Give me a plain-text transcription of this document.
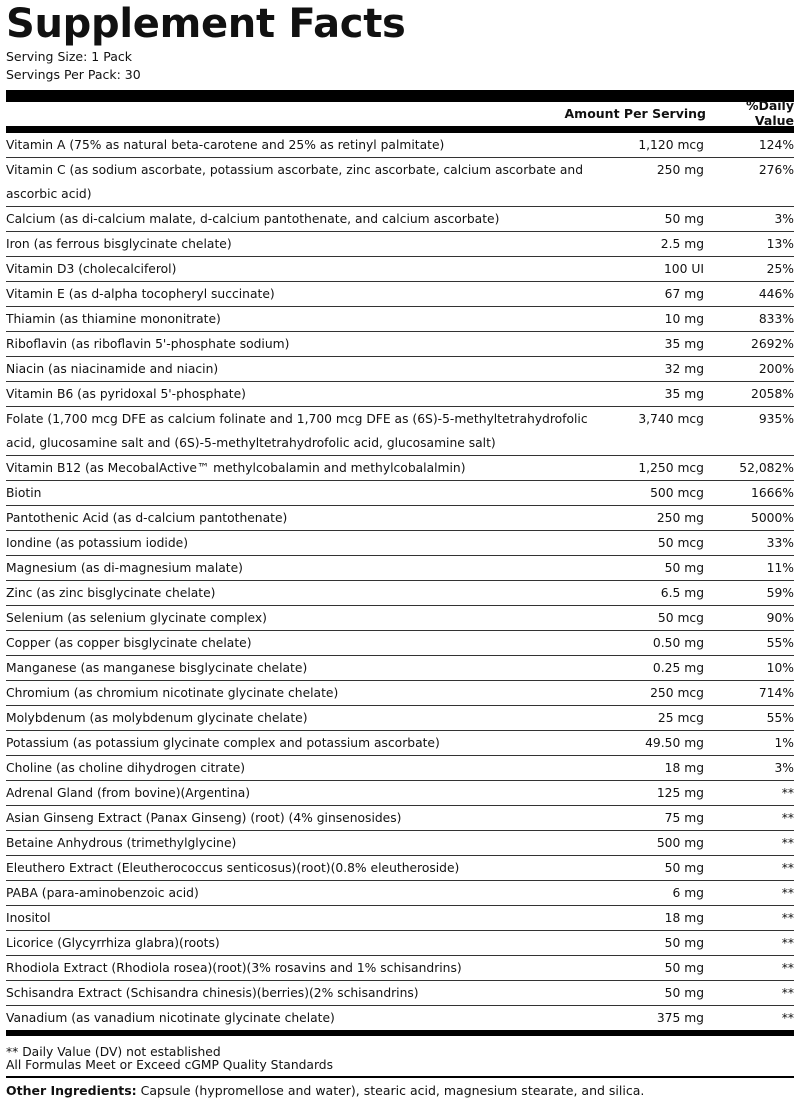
Supplement Facts
Serving Size: 1 Pack
Servings Per Pack: 30
Amount Per Serving	%Daily Value
Vitamin A (75% as natural beta-carotene and 25% as retinyl palmitate)	1,120 mcg	124%
Vitamin C (as sodium ascorbate, potassium ascorbate, zinc ascorbate, calcium ascorbate and ascorbic acid)
250 mg	276%
Calcium (as di-calcium malate, d-calcium pantothenate, and calcium ascorbate)	50 mg	3%
Iron (as ferrous bisglycinate chelate)	2.5 mg	13%
Vitamin D3 (cholecalciferol)	100 UI	25%
Vitamin E (as d-alpha tocopheryl succinate)	67 mg	446%
Thiamin (as thiamine mononitrate)	10 mg	833%
Riboflavin (as riboflavin 5'-phosphate sodium)	35 mg	2692%
Niacin (as niacinamide and niacin)	32 mg	200%
Vitamin B6 (as pyridoxal 5'-phosphate)	35 mg	2058%
Folate (1,700 mcg DFE as calcium folinate and 1,700 mcg DFE as (6S)-5-methyltetrahydrofolic acid, glucosamine salt and (6S)-5-methyltetrahydrofolic acid, glucosamine salt)
3,740 mcg	935%
Vitamin B12 (as MecobalActive™ methylcobalamin and methylcobalalmin)	1,250 mcg	52,082%
Biotin	500 mcg	1666%
Pantothenic Acid (as d-calcium pantothenate)	250 mg	5000%
Iondine (as potassium iodide)	50 mcg	33%
Magnesium (as di-magnesium malate)	50 mg	11%
Zinc (as zinc bisglycinate chelate)	6.5 mg	59%
Selenium (as selenium glycinate complex)	50 mcg	90%
Copper (as copper bisglycinate chelate)	0.50 mg	55%
Manganese (as manganese bisglycinate chelate)	0.25 mg	10%
Chromium (as chromium nicotinate glycinate chelate)	250 mcg	714%
Molybdenum (as molybdenum glycinate chelate)	25 mcg	55%
Potassium (as potassium glycinate complex and potassium ascorbate)	49.50 mg	1%
Choline (as choline dihydrogen citrate)	18 mg	3%
Adrenal Gland (from bovine)(Argentina)	125 mg	**
Asian Ginseng Extract (Panax Ginseng) (root) (4% ginsenosides)	75 mg	**
Betaine Anhydrous (trimethylglycine)	500 mg	**
Eleuthero Extract (Eleutherococcus senticosus)(root)(0.8% eleutheroside)	50 mg	**
PABA (para-aminobenzoic acid)	6 mg	**
Inositol	18 mg	**
Licorice (Glycyrrhiza glabra)(roots)	50 mg	**
Rhodiola Extract (Rhodiola rosea)(root)(3% rosavins and 1% schisandrins)	50 mg	**
Schisandra Extract (Schisandra chinesis)(berries)(2% schisandrins)	50 mg	**
Vanadium (as vanadium nicotinate glycinate chelate)	375 mg	**
** Daily Value (DV) not established
All Formulas Meet or Exceed cGMP Quality Standards
Other Ingredients: Capsule (hypromellose and water), stearic acid, magnesium stearate, and silica.
